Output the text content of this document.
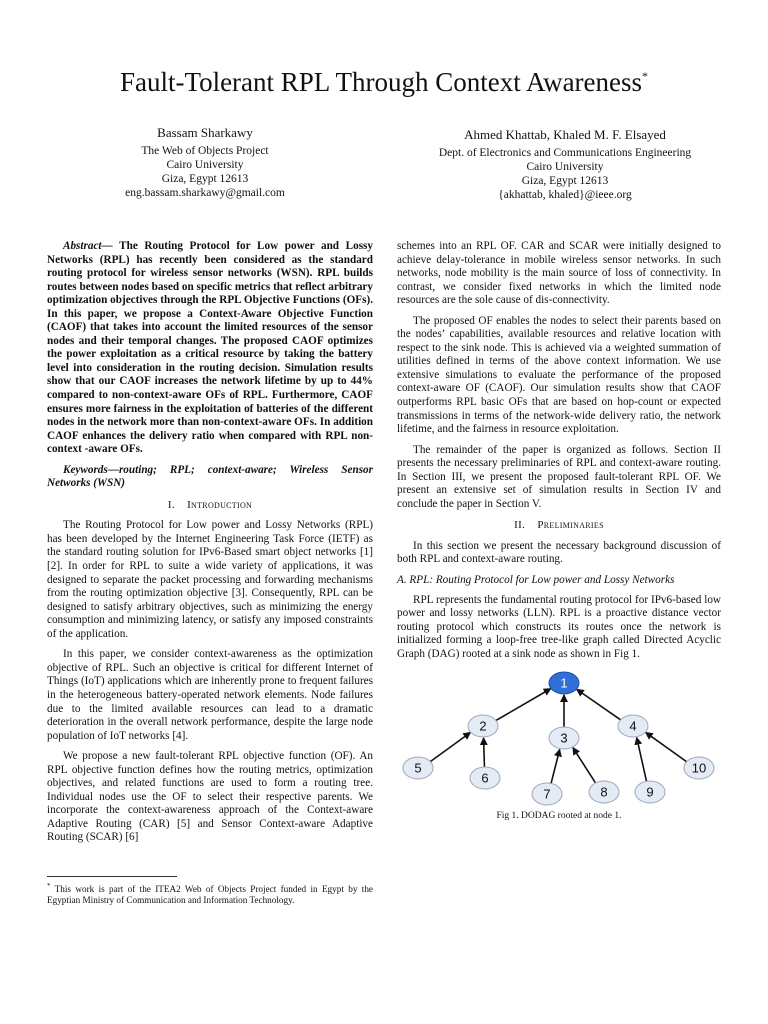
Fault-Tolerant RPL Through Context Awareness*
Bassam Sharkawy
The Web of Objects Project
Cairo University
Giza, Egypt 12613
eng.bassam.sharkawy@gmail.com
Ahmed Khattab, Khaled M. F. Elsayed
Dept. of Electronics and Communications Engineering
Cairo University
Giza, Egypt 12613
{akhattab, khaled}@ieee.org

Abstract— The Routing Protocol for Low power and Lossy Networks (RPL) has recently been considered as the standard routing protocol for wireless sensor networks (WSN). RPL builds routes between nodes based on specific metrics that reflect arbitrary optimization objectives through the RPL Objective Functions (OFs). In this paper, we propose a Context-Aware Objective Function (CAOF) that takes into account the limited resources of the sensor nodes and their temporal changes. The proposed CAOF optimizes the power exploitation as a critical resource by taking the battery level into consideration in the routing decision. Simulation results show that our CAOF increases the network lifetime by up to 44% compared to non-context-aware OFs of RPL. Furthermore, CAOF ensures more fairness in the exploitation of batteries of the different nodes in the network more than non-context-aware OFs. In addition CAOF enhances the delivery ratio when compared with RPL non-context -aware OFs.

Keywords—routing; RPL; context-aware; Wireless Sensor Networks (WSN)

I. Introduction

The Routing Protocol for Low power and Lossy Networks (RPL) has been developed by the Internet Engineering Task Force (IETF) as the standard routing solution for IPv6-Based smart object networks [1][2]. In order for RPL to suite a wide variety of applications, it was designed to separate the packet processing and forwarding mechanisms from the routing optimization objective [3]. Consequently, RPL can be designed to satisfy arbitrary objectives, such as minimizing the energy consumption and minimizing latency, or satisfy any imposed constraints of the application.

In this paper, we consider context-awareness as the optimization objective of RPL. Such an objective is critical for different Internet of Things (IoT) applications which are inherently prone to frequent failures in the heterogeneous battery-operated network elements. Node failures due to the limited available resources can lead to a dramatic deterioration in the overall network performance, despite the large node population of IoT networks [4].

We propose a new fault-tolerant RPL objective function (OF). An RPL objective function defines how the routing metrics, optimization objectives, and related functions are used to form a routing tree. Individual nodes use the OF to select their respective parents. We incorporate the context-awareness approach of the Context-aware Adaptive Routing (CAR) [5] and Sensor Context-aware Adaptive Routing (SCAR) [6]

schemes into an RPL OF. CAR and SCAR were initially designed to achieve delay-tolerance in mobile wireless sensor networks. In such networks, node mobility is the main source of loss of connectivity. In contrast, we consider fixed networks in which the limited node resources are the sole cause of dis-connectivity.

The proposed OF enables the nodes to select their parents based on the nodes’ capabilities, available resources and relative location with respect to the sink node. This is achieved via a weighted summation of utilities defined in terms of the above context information. We use extensive simulations to evaluate the performance of the proposed context-aware OF (CAOF). Our simulation results show that CAOF outperforms RPL basic OFs that are based on hop-count or expected transmissions in terms of the network-wide delivery ratio, the network lifetime, and the fairness in resource exploitation.

The remainder of the paper is organized as follows. Section II presents the necessary preliminaries of RPL and context-aware routing. In Section III, we present the proposed fault-tolerant RPL OF. We present an extensive set of simulation results in Section IV and conclude the paper in Section V.

II. Preliminaries

In this section we present the necessary background discussion of both RPL and context-aware routing.

A. RPL: Routing Protocol for Low power and Lossy Networks

RPL represents the fundamental routing protocol for IPv6-based low power and lossy networks (LLN). RPL is a proactive distance vector routing protocol which constructs its routes once the network is initialized forming a loop-free tree-like graph called Directed Acyclic Graph (DAG) rooted at a sink node as shown in Fig 1.

1
2
3
4
5
6
7	8	9
10
Fig 1. DODAG rooted at node 1.
* This work is part of the ITEA2 Web of Objects Project funded in Egypt by the Egyptian Ministry of Communication and Information Technology.
